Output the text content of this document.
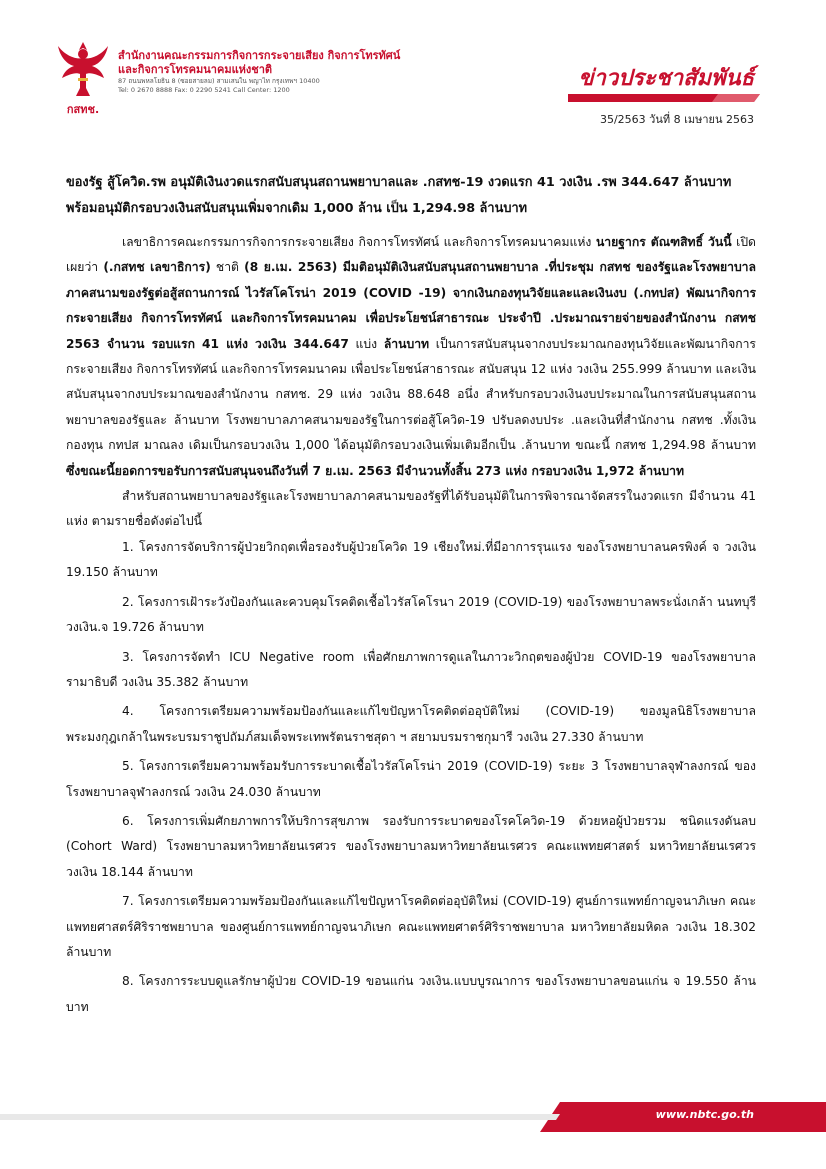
กสทช.
สำนักงานคณะกรรมการกิจการกระจายเสียง กิจการโทรทัศน์
และกิจการโทรคมนาคมแห่งชาติ
87 ถนนพหลโยธิน 8 (ซอยสายลม) สามเสนใน พญาไท กรุงเทพฯ 10400
Tel: 0 2670 8888 Fax: 0 2290 5241 Call Center: 1200	ข่าวประชาสัมพันธ์
35/2563 วันที่ 8 เมษายน 2563
ของรัฐ สู้โควิด.รพ อนุมัติเงินงวดแรกสนับสนุนสถานพยาบาลและ .กสทช-19 งวดแรก 41 วงเงิน .รพ 344.647 ล้านบาท
พร้อมอนุมัติกรอบวงเงินสนับสนุนเพิ่มจากเดิม 1,000 ล้าน เป็น 1,294.98 ล้านบาท

เลขาธิการคณะกรรมการกิจการกระจายเสียง กิจการโทรทัศน์ และกิจการโทรคมนาคมแห่ง นายฐากร ตัณฑสิทธิ์ วันนี้ เปิดเผยว่า (.กสทช เลขาธิการ) ชาติ (8 ย.เม. 2563) มีมติอนุมัติเงินสนับสนุนสถานพยาบาล .ที่ประชุม กสทช ของรัฐและโรงพยาบาลภาคสนามของรัฐต่อสู้สถานการณ์ ไวรัสโคโรน่า 2019 (COVID -19) จากเงินกองทุนวิจัยและและเงินงบ (.กทปส) พัฒนากิจการกระจายเสียง กิจการโทรทัศน์ และกิจการโทรคมนาคม เพื่อประโยชน์สาธารณะ ประจำปี .ประมาณรายจ่ายของสำนักงาน กสทช 2563 จำนวน รอบแรก 41 แห่ง วงเงิน 344.647 แบ่ง ล้านบาท เป็นการสนับสนุนจากงบประมาณกองทุนวิจัยและพัฒนากิจการกระจายเสียง กิจการโทรทัศน์ และกิจการโทรคมนาคม เพื่อประโยชน์สาธารณะ สนับสนุน 12 แห่ง วงเงิน 255.999 ล้านบาท และเงินสนับสนุนจากงบประมาณของสำนักงาน กสทช. 29 แห่ง วงเงิน 88.648 อนึ่ง สำหรับกรอบวงเงินงบประมาณในการสนับสนุนสถานพยาบาลของรัฐและ ล้านบาท โรงพยาบาลภาคสนามของรัฐในการต่อสู้โควิด-19 ปรับลดงบประ .และเงินที่สำนักงาน กสทช .ทั้งเงินกองทุน กทปส มาณลง เดิมเป็นกรอบวงเงิน 1,000 ได้อนุมัติกรอบวงเงินเพิ่มเติมอีกเป็น .ล้านบาท ขณะนี้ กสทช 1,294.98 ล้านบาท ซึ่งขณะนี้ยอดการขอรับการสนับสนุนจนถึงวันที่ 7 ย.เม. 2563 มีจำนวนทั้งสิ้น 273 แห่ง กรอบวงเงิน 1,972 ล้านบาท

สำหรับสถานพยาบาลของรัฐและโรงพยาบาลภาคสนามของรัฐที่ได้รับอนุมัติในการพิจารณาจัดสรรในงวดแรก มีจำนวน 41 แห่ง ตามรายชื่อดังต่อไปนี้

1. โครงการจัดบริการผู้ป่วยวิกฤตเพื่อรองรับผู้ป่วยโควิด 19 เชียงใหม่.ที่มีอาการรุนแรง ของโรงพยาบาลนครพิงค์ จ วงเงิน 19.150 ล้านบาท

2. โครงการเฝ้าระวังป้องกันและควบคุมโรคติดเชื้อไวรัสโคโรนา 2019 (COVID-19) ของโรงพยาบาลพระนั่งเกล้า นนทบุรี วงเงิน.จ 19.726 ล้านบาท

3. โครงการจัดทำ ICU Negative room เพื่อศักยภาพการดูแลในภาวะวิกฤตของผู้ป่วย COVID-19 ของโรงพยาบาลรามาธิบดี วงเงิน 35.382 ล้านบาท

4. โครงการเตรียมความพร้อมป้องกันและแก้ไขปัญหาโรคติดต่ออุบัติใหม่ (COVID-19) ของมูลนิธิโรงพยาบาลพระมงกุฎเกล้าในพระบรมราชูปถัมภ์สมเด็จพระเทพรัตนราชสุดา ฯ สยามบรมราชกุมารี วงเงิน 27.330 ล้านบาท

5. โครงการเตรียมความพร้อมรับการระบาดเชื้อไวรัสโคโรน่า 2019 (COVID-19) ระยะ 3 โรงพยาบาลจุฬาลงกรณ์ ของโรงพยาบาลจุฬาลงกรณ์ วงเงิน 24.030 ล้านบาท

6. โครงการเพิ่มศักยภาพการให้บริการสุขภาพ รองรับการระบาดของโรคโควิด-19 ด้วยหอผู้ป่วยรวม ชนิดแรงดันลบ (Cohort Ward) โรงพยาบาลมหาวิทยาลัยนเรศวร ของโรงพยาบาลมหาวิทยาลัยนเรศวร คณะแพทยศาสตร์ มหาวิทยาลัยนเรศวร วงเงิน 18.144 ล้านบาท

7. โครงการเตรียมความพร้อมป้องกันและแก้ไขปัญหาโรคติดต่ออุบัติใหม่ (COVID-19) ศูนย์การแพทย์กาญจนาภิเษก คณะแพทยศาสตร์ศิริราชพยาบาล ของศูนย์การแพทย์กาญจนาภิเษก คณะแพทยศาตร์ศิริราชพยาบาล มหาวิทยาลัยมหิดล วงเงิน 18.302 ล้านบาท

8. โครงการระบบดูแลรักษาผู้ป่วย COVID-19 ขอนแก่น วงเงิน.แบบบูรณาการ ของโรงพยาบาลขอนแก่น จ 19.550 ล้านบาท

www.nbtc.go.th
